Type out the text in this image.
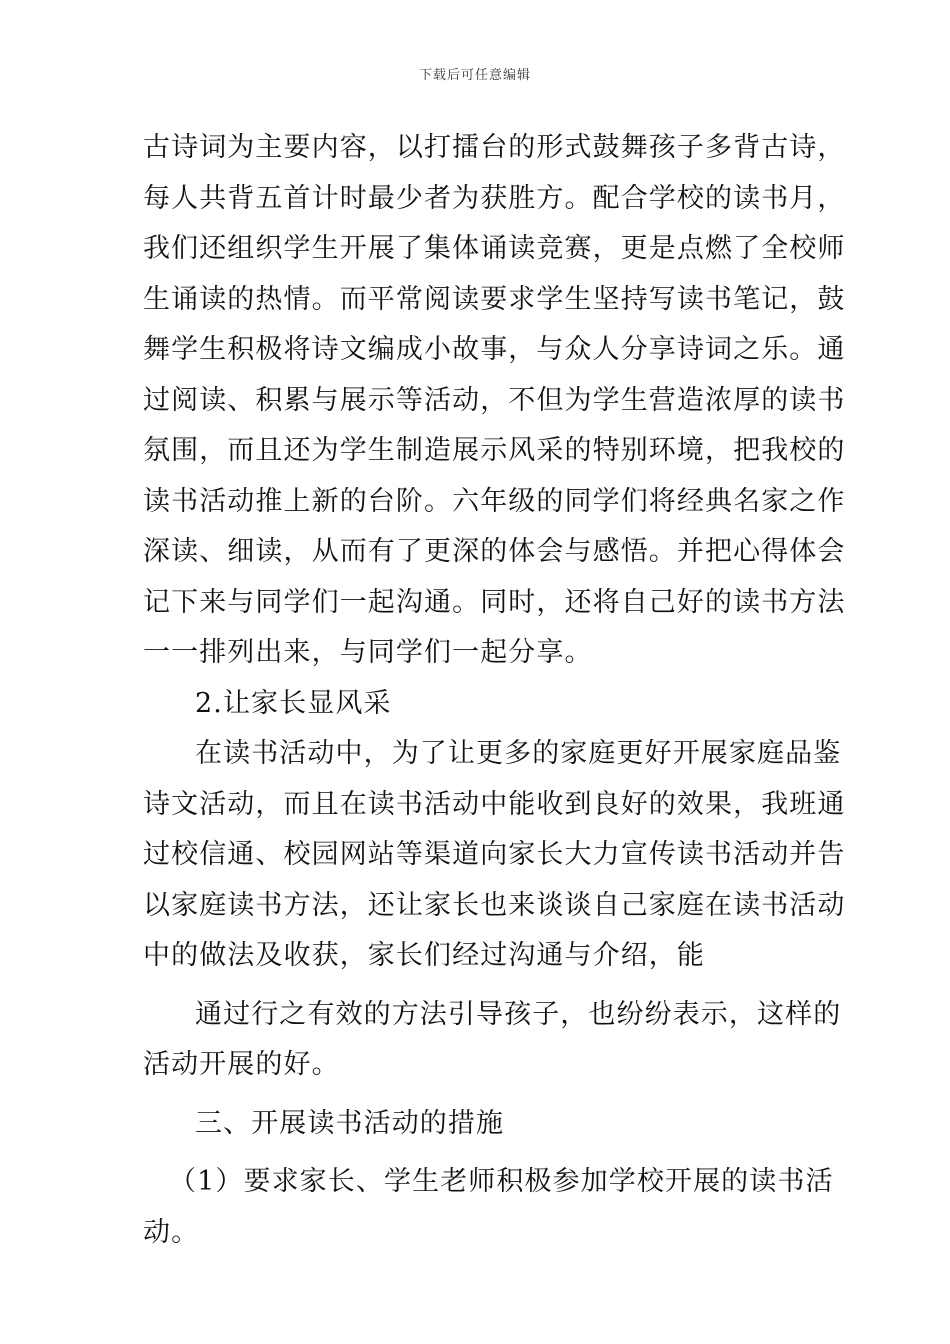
下载后可任意编辑
古诗词为主要内容，以打擂台的形式鼓舞孩子多背古诗，
每人共背五首计时最少者为获胜方。配合学校的读书月，
我们还组织学生开展了集体诵读竞赛，更是点燃了全校师
生诵读的热情。而平常阅读要求学生坚持写读书笔记，鼓
舞学生积极将诗文编成小故事，与众人分享诗词之乐。通
过阅读、积累与展示等活动，不但为学生营造浓厚的读书
氛围，而且还为学生制造展示风采的特别环境，把我校的
读书活动推上新的台阶。六年级的同学们将经典名家之作
深读、细读，从而有了更深的体会与感悟。并把心得体会
记下来与同学们一起沟通。同时，还将自己好的读书方法
一一排列出来，与同学们一起分享。
2.让家长显风采
在读书活动中，为了让更多的家庭更好开展家庭品鉴
诗文活动，而且在读书活动中能收到良好的效果，我班通
过校信通、校园网站等渠道向家长大力宣传读书活动并告
以家庭读书方法，还让家长也来谈谈自己家庭在读书活动
中的做法及收获，家长们经过沟通与介绍，能
通过行之有效的方法引导孩子，也纷纷表示，这样的
活动开展的好。
三、开展读书活动的措施
（1）要求家长、学生老师积极参加学校开展的读书活
动。
